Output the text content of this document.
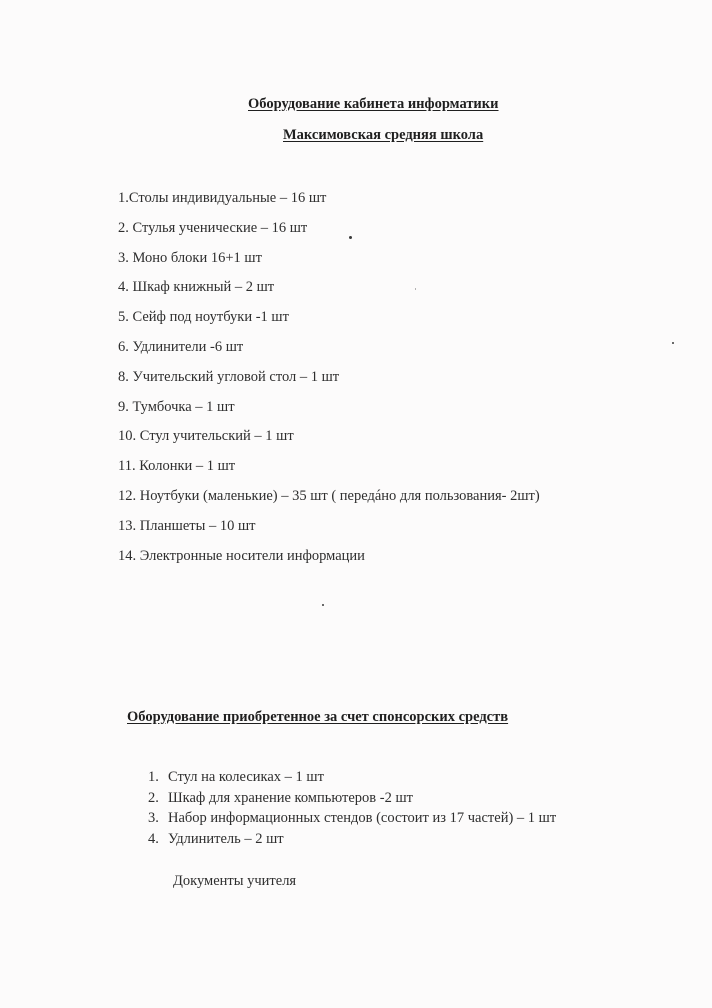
Оборудование кабинета информатики
Максимовская средняя школа
1.Столы индивидуальные – 16 шт
2. Стулья ученические – 16 шт
3. Моно блоки 16+1 шт
4. Шкаф книжный – 2 шт
5. Сейф под ноутбуки -1 шт
6. Удлинители -6 шт
8. Учительский угловой стол – 1 шт
9. Тумбочка – 1 шт
10. Стул учительский – 1 шт
11. Колонки – 1 шт
12. Ноутбуки (маленькие) – 35 шт ( передáно для пользования- 2шт)
13. Планшеты – 10 шт
14. Электронные носители информации
Оборудование приобретенное за счет спонсорских средств
1. Стул на колесиках – 1 шт
2. Шкаф для хранение компьютеров -2 шт
3. Набор информационных стендов (состоит из 17 частей) – 1 шт
4. Удлинитель – 2 шт
Документы учителя
